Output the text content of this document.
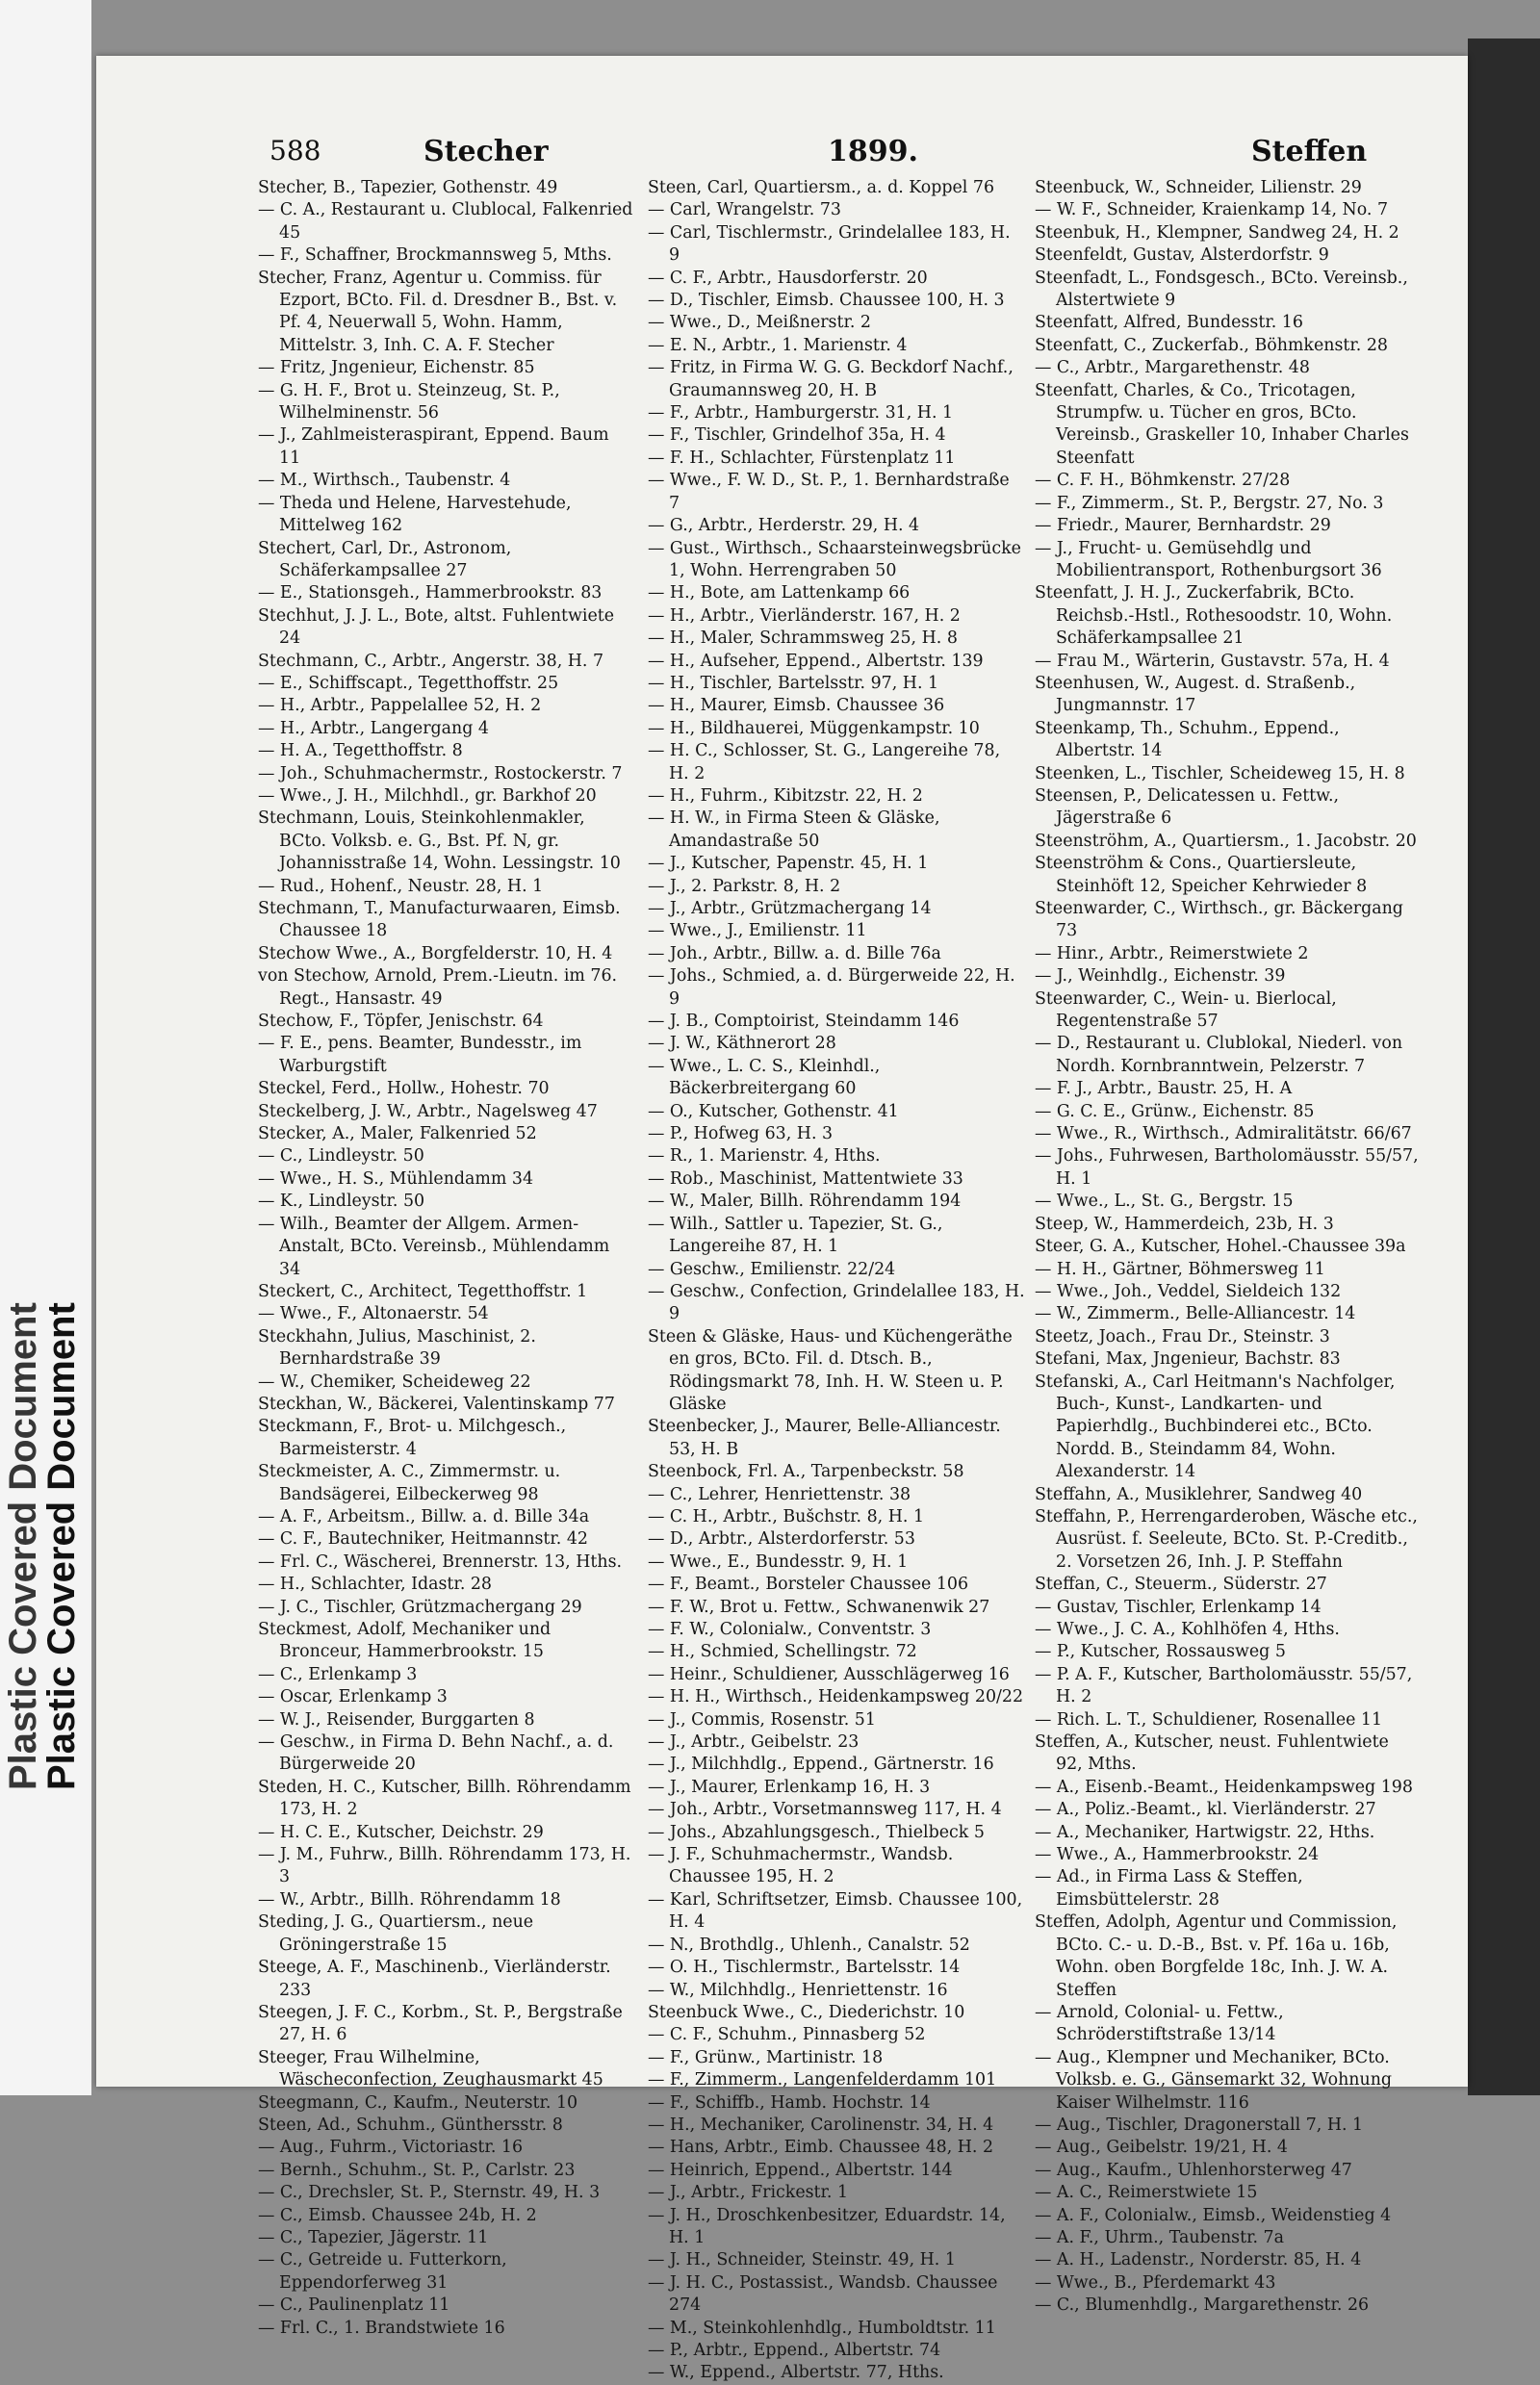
Plastic Covered Document
Plastic Covered Document
588	Stecher	1899.	Steffen

Stecher, B., Tapezier, Gothenstr. 49

— C. A., Restaurant u. Clublocal, Falkenried 45

— F., Schaffner, Brockmannsweg 5, Mths.

Stecher, Franz, Agentur u. Commiss. für Ezport, BCto. Fil. d. Dresdner B., Bst. v. Pf. 4, Neuerwall 5, Wohn. Hamm, Mittelstr. 3, Inh. C. A. F. Stecher

— Fritz, Jngenieur, Eichenstr. 85

— G. H. F., Brot u. Steinzeug, St. P., Wilhelminenstr. 56

— J., Zahlmeisteraspirant, Eppend. Baum 11

— M., Wirthsch., Taubenstr. 4

— Theda und Helene, Harvestehude, Mittelweg 162

Stechert, Carl, Dr., Astronom, Schäferkampsallee 27

— E., Stationsgeh., Hammerbrookstr. 83

Stechhut, J. J. L., Bote, altst. Fuhlentwiete 24

Stechmann, C., Arbtr., Angerstr. 38, H. 7

— E., Schiffscapt., Tegetthoffstr. 25

— H., Arbtr., Pappelallee 52, H. 2

— H., Arbtr., Langergang 4

— H. A., Tegetthoffstr. 8

— Joh., Schuhmachermstr., Rostockerstr. 7

— Wwe., J. H., Milchhdl., gr. Barkhof 20

Stechmann, Louis, Steinkohlenmakler, BCto. Volksb. e. G., Bst. Pf. N, gr. Johannisstraße 14, Wohn. Lessingstr. 10

— Rud., Hohenf., Neustr. 28, H. 1

Stechmann, T., Manufacturwaaren, Eimsb. Chaussee 18

Stechow Wwe., A., Borgfelderstr. 10, H. 4

von Stechow, Arnold, Prem.-Lieutn. im 76. Regt., Hansastr. 49

Stechow, F., Töpfer, Jenischstr. 64

— F. E., pens. Beamter, Bundesstr., im Warburgstift

Steckel, Ferd., Hollw., Hohestr. 70

Steckelberg, J. W., Arbtr., Nagelsweg 47

Stecker, A., Maler, Falkenried 52

— C., Lindleystr. 50

— Wwe., H. S., Mühlendamm 34

— K., Lindleystr. 50

— Wilh., Beamter der Allgem. Armen-Anstalt, BCto. Vereinsb., Mühlendamm 34

Steckert, C., Architect, Tegetthoffstr. 1

— Wwe., F., Altonaerstr. 54

Steckhahn, Julius, Maschinist, 2. Bernhardstraße 39

— W., Chemiker, Scheideweg 22

Steckhan, W., Bäckerei, Valentinskamp 77

Steckmann, F., Brot- u. Milchgesch., Barmeisterstr. 4

Steckmeister, A. C., Zimmermstr. u. Bandsägerei, Eilbeckerweg 98

— A. F., Arbeitsm., Billw. a. d. Bille 34a

— C. F., Bautechniker, Heitmannstr. 42

— Frl. C., Wäscherei, Brennerstr. 13, Hths.

— H., Schlachter, Idastr. 28

— J. C., Tischler, Grützmachergang 29

Steckmest, Adolf, Mechaniker und Bronceur, Hammerbrookstr. 15

— C., Erlenkamp 3

— Oscar, Erlenkamp 3

— W. J., Reisender, Burggarten 8

— Geschw., in Firma D. Behn Nachf., a. d. Bürgerweide 20

Steden, H. C., Kutscher, Billh. Röhrendamm 173, H. 2

— H. C. E., Kutscher, Deichstr. 29

— J. M., Fuhrw., Billh. Röhrendamm 173, H. 3

— W., Arbtr., Billh. Röhrendamm 18

Steding, J. G., Quartiersm., neue Gröningerstraße 15

Steege, A. F., Maschinenb., Vierländerstr. 233

Steegen, J. F. C., Korbm., St. P., Bergstraße 27, H. 6

Steeger, Frau Wilhelmine, Wäscheconfection, Zeughausmarkt 45

Steegmann, C., Kaufm., Neuterstr. 10

Steen, Ad., Schuhm., Günthersstr. 8

— Aug., Fuhrm., Victoriastr. 16

— Bernh., Schuhm., St. P., Carlstr. 23

— C., Drechsler, St. P., Sternstr. 49, H. 3

— C., Eimsb. Chaussee 24b, H. 2

— C., Tapezier, Jägerstr. 11

— C., Getreide u. Futterkorn, Eppendorferweg 31

— C., Paulinenplatz 11

— Frl. C., 1. Brandstwiete 16

Steen, Carl, Quartiersm., a. d. Koppel 76

— Carl, Wrangelstr. 73

— Carl, Tischlermstr., Grindelallee 183, H. 9

— C. F., Arbtr., Hausdorferstr. 20

— D., Tischler, Eimsb. Chaussee 100, H. 3

— Wwe., D., Meißnerstr. 2

— E. N., Arbtr., 1. Marienstr. 4

— Fritz, in Firma W. G. G. Beckdorf Nachf., Graumannsweg 20, H. B

— F., Arbtr., Hamburgerstr. 31, H. 1

— F., Tischler, Grindelhof 35a, H. 4

— F. H., Schlachter, Fürstenplatz 11

— Wwe., F. W. D., St. P., 1. Bernhardstraße 7

— G., Arbtr., Herderstr. 29, H. 4

— Gust., Wirthsch., Schaarsteinwegsbrücke 1, Wohn. Herrengraben 50

— H., Bote, am Lattenkamp 66

— H., Arbtr., Vierländerstr. 167, H. 2

— H., Maler, Schrammsweg 25, H. 8

— H., Aufseher, Eppend., Albertstr. 139

— H., Tischler, Bartelsstr. 97, H. 1

— H., Maurer, Eimsb. Chaussee 36

— H., Bildhauerei, Müggenkampstr. 10

— H. C., Schlosser, St. G., Langereihe 78, H. 2

— H., Fuhrm., Kibitzstr. 22, H. 2

— H. W., in Firma Steen & Gläske, Amandastraße 50

— J., Kutscher, Papenstr. 45, H. 1

— J., 2. Parkstr. 8, H. 2

— J., Arbtr., Grützmachergang 14

— Wwe., J., Emilienstr. 11

— Joh., Arbtr., Billw. a. d. Bille 76a

— Johs., Schmied, a. d. Bürgerweide 22, H. 9

— J. B., Comptoirist, Steindamm 146

— J. W., Käthnerort 28

— Wwe., L. C. S., Kleinhdl., Bäckerbreitergang 60

— O., Kutscher, Gothenstr. 41

— P., Hofweg 63, H. 3

— R., 1. Marienstr. 4, Hths.

— Rob., Maschinist, Mattentwiete 33

— W., Maler, Billh. Röhrendamm 194

— Wilh., Sattler u. Tapezier, St. G., Langereihe 87, H. 1

— Geschw., Emilienstr. 22/24

— Geschw., Confection, Grindelallee 183, H. 9

Steen & Gläske, Haus- und Küchengeräthe en gros, BCto. Fil. d. Dtsch. B., Rödingsmarkt 78, Inh. H. W. Steen u. P. Gläske

Steenbecker, J., Maurer, Belle-Alliancestr. 53, H. B

Steenbock, Frl. A., Tarpenbeckstr. 58

— C., Lehrer, Henriettenstr. 38

— C. H., Arbtr., Bušchstr. 8, H. 1

— D., Arbtr., Alsterdorferstr. 53

— Wwe., E., Bundesstr. 9, H. 1

— F., Beamt., Borsteler Chaussee 106

— F. W., Brot u. Fettw., Schwanenwik 27

— F. W., Colonialw., Conventstr. 3

— H., Schmied, Schellingstr. 72

— Heinr., Schuldiener, Ausschlägerweg 16

— H. H., Wirthsch., Heidenkampsweg 20/22

— J., Commis, Rosenstr. 51

— J., Arbtr., Geibelstr. 23

— J., Milchhdlg., Eppend., Gärtnerstr. 16

— J., Maurer, Erlenkamp 16, H. 3

— Joh., Arbtr., Vorsetmannsweg 117, H. 4

— Johs., Abzahlungsgesch., Thielbeck 5

— J. F., Schuhmachermstr., Wandsb. Chaussee 195, H. 2

— Karl, Schriftsetzer, Eimsb. Chaussee 100, H. 4

— N., Brothdlg., Uhlenh., Canalstr. 52

— O. H., Tischlermstr., Bartelsstr. 14

— W., Milchhdlg., Henriettenstr. 16

Steenbuck Wwe., C., Diederichstr. 10

— C. F., Schuhm., Pinnasberg 52

— F., Grünw., Martinistr. 18

— F., Zimmerm., Langenfelderdamm 101

— F., Schiffb., Hamb. Hochstr. 14

— H., Mechaniker, Carolinenstr. 34, H. 4

— Hans, Arbtr., Eimb. Chaussee 48, H. 2

— Heinrich, Eppend., Albertstr. 144

— J., Arbtr., Frickestr. 1

— J. H., Droschkenbesitzer, Eduardstr. 14, H. 1

— J. H., Schneider, Steinstr. 49, H. 1

— J. H. C., Postassist., Wandsb. Chaussee 274

— M., Steinkohlenhdlg., Humboldtstr. 11

— P., Arbtr., Eppend., Albertstr. 74

— W., Eppend., Albertstr. 77, Hths.

Steenbuck, W., Schneider, Lilienstr. 29

— W. F., Schneider, Kraienkamp 14, No. 7

Steenbuk, H., Klempner, Sandweg 24, H. 2

Steenfeldt, Gustav, Alsterdorfstr. 9

Steenfadt, L., Fondsgesch., BCto. Vereinsb., Alstertwiete 9

Steenfatt, Alfred, Bundesstr. 16

Steenfatt, C., Zuckerfab., Böhmkenstr. 28

— C., Arbtr., Margarethenstr. 48

Steenfatt, Charles, & Co., Tricotagen, Strumpfw. u. Tücher en gros, BCto. Vereinsb., Graskeller 10, Inhaber Charles Steenfatt

— C. F. H., Böhmkenstr. 27/28

— F., Zimmerm., St. P., Bergstr. 27, No. 3

— Friedr., Maurer, Bernhardstr. 29

— J., Frucht- u. Gemüsehdlg und Mobilientransport, Rothenburgsort 36

Steenfatt, J. H. J., Zuckerfabrik, BCto. Reichsb.-Hstl., Rothesoodstr. 10, Wohn. Schäferkampsallee 21

— Frau M., Wärterin, Gustavstr. 57a, H. 4

Steenhusen, W., Augest. d. Straßenb., Jungmannstr. 17

Steenkamp, Th., Schuhm., Eppend., Albertstr. 14

Steenken, L., Tischler, Scheideweg 15, H. 8

Steensen, P., Delicatessen u. Fettw., Jägerstraße 6

Steenströhm, A., Quartiersm., 1. Jacobstr. 20

Steenströhm & Cons., Quartiersleute, Steinhöft 12, Speicher Kehrwieder 8

Steenwarder, C., Wirthsch., gr. Bäckergang 73

— Hinr., Arbtr., Reimerstwiete 2

— J., Weinhdlg., Eichenstr. 39

Steenwarder, C., Wein- u. Bierlocal, Regentenstraße 57

— D., Restaurant u. Clublokal, Niederl. von Nordh. Kornbranntwein, Pelzerstr. 7

— F. J., Arbtr., Baustr. 25, H. A

— G. C. E., Grünw., Eichenstr. 85

— Wwe., R., Wirthsch., Admiralitätstr. 66/67

— Johs., Fuhrwesen, Bartholomäusstr. 55/57, H. 1

— Wwe., L., St. G., Bergstr. 15

Steep, W., Hammerdeich, 23b, H. 3

Steer, G. A., Kutscher, Hohel.-Chaussee 39a

— H. H., Gärtner, Böhmersweg 11

— Wwe., Joh., Veddel, Sieldeich 132

— W., Zimmerm., Belle-Alliancestr. 14

Steetz, Joach., Frau Dr., Steinstr. 3

Stefani, Max, Jngenieur, Bachstr. 83

Stefanski, A., Carl Heitmann's Nachfolger, Buch-, Kunst-, Landkarten- und Papierhdlg., Buchbinderei etc., BCto. Nordd. B., Steindamm 84, Wohn. Alexanderstr. 14

Steffahn, A., Musiklehrer, Sandweg 40

Steffahn, P., Herrengarderoben, Wäsche etc., Ausrüst. f. Seeleute, BCto. St. P.-Creditb., 2. Vorsetzen 26, Inh. J. P. Steffahn

Steffan, C., Steuerm., Süderstr. 27

— Gustav, Tischler, Erlenkamp 14

— Wwe., J. C. A., Kohlhöfen 4, Hths.

— P., Kutscher, Rossausweg 5

— P. A. F., Kutscher, Bartholomäusstr. 55/57, H. 2

— Rich. L. T., Schuldiener, Rosenallee 11

Steffen, A., Kutscher, neust. Fuhlentwiete 92, Mths.

— A., Eisenb.-Beamt., Heidenkampsweg 198

— A., Poliz.-Beamt., kl. Vierländerstr. 27

— A., Mechaniker, Hartwigstr. 22, Hths.

— Wwe., A., Hammerbrookstr. 24

— Ad., in Firma Lass & Steffen, Eimsbüttelerstr. 28

Steffen, Adolph, Agentur und Commission, BCto. C.- u. D.-B., Bst. v. Pf. 16a u. 16b, Wohn. oben Borgfelde 18c, Inh. J. W. A. Steffen

— Arnold, Colonial- u. Fettw., Schröderstiftstraße 13/14

— Aug., Klempner und Mechaniker, BCto. Volksb. e. G., Gänsemarkt 32, Wohnung Kaiser Wilhelmstr. 116

— Aug., Tischler, Dragonerstall 7, H. 1

— Aug., Geibelstr. 19/21, H. 4

— Aug., Kaufm., Uhlenhorsterweg 47

— A. C., Reimerstwiete 15

— A. F., Colonialw., Eimsb., Weidenstieg 4

— A. F., Uhrm., Taubenstr. 7a

— A. H., Ladenstr., Norderstr. 85, H. 4

— Wwe., B., Pferdemarkt 43

— C., Blumenhdlg., Margarethenstr. 26
